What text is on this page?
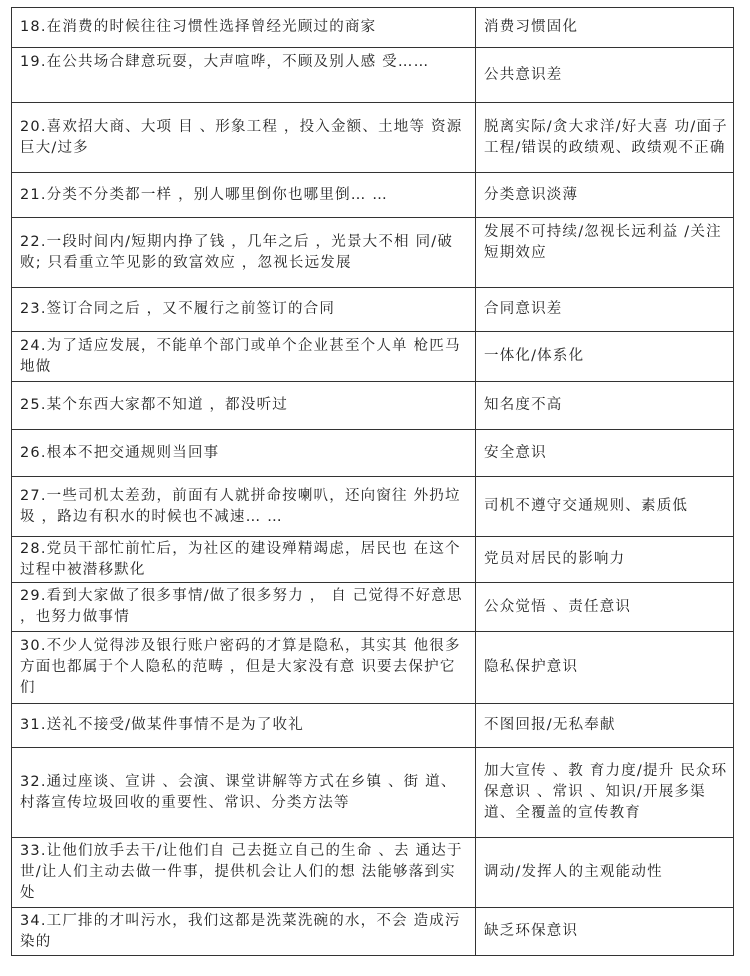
18.在消费的时候往往习惯性选择曾经光顾过的商家	消费习惯固化
19.在公共场合肆意玩耍，大声喧哗，不顾及别人感 受……	公共意识差
20.喜欢招大商、大项 目 、形象工程 ，投入金额、土地等 资源巨大/过多	脱离实际/贪大求洋/好大喜 功/面子工程/错误的政绩观、政绩观不正确
21.分类不分类都一样 ，别人哪里倒你也哪里倒… …	分类意识淡薄
22.一段时间内/短期内挣了钱 ，几年之后 ，光景大不相 同/破败; 只看重立竿见影的致富效应 ，忽视长远发展	发展不可持续/忽视长远利益 /关注短期效应
23.签订合同之后 ，又不履行之前签订的合同	合同意识差
24.为了适应发展，不能单个部门或单个企业甚至个人单 枪匹马地做	一体化/体系化
25.某个东西大家都不知道 ，都没听过	知名度不高
26.根本不把交通规则当回事	安全意识
27.一些司机太差劲，前面有人就拼命按喇叭，还向窗往 外扔垃圾 ，路边有积水的时候也不减速… …	司机不遵守交通规则、素质低
28.党员干部忙前忙后，为社区的建设殚精竭虑，居民也 在这个过程中被潜移默化	党员对居民的影响力
29.看到大家做了很多事情/做了很多努力 ， 自 己觉得不好意思 ，也努力做事情	公众觉悟 、责任意识
30.不少人觉得涉及银行账户密码的才算是隐私，其实其 他很多方面也都属于个人隐私的范畴 ，但是大家没有意 识要去保护它们	隐私保护意识
31.送礼不接受/做某件事情不是为了收礼	不图回报/无私奉献
32.通过座谈、宣讲 、会演、课堂讲解等方式在乡镇 、街 道、村落宣传垃圾回收的重要性、常识、分类方法等	加大宣传 、教 育力度/提升 民众环保意识 、常识 、知识/开展多渠道、全覆盖的宣传教育
33.让他们放手去干/让他们自 己去挺立自己的生命 、去 通达于世/让人们主动去做一件事，提供机会让人们的想 法能够落到实处	调动/发挥人的主观能动性
34.工厂排的才叫污水，我们这都是洗菜洗碗的水，不会 造成污染的	缺乏环保意识
